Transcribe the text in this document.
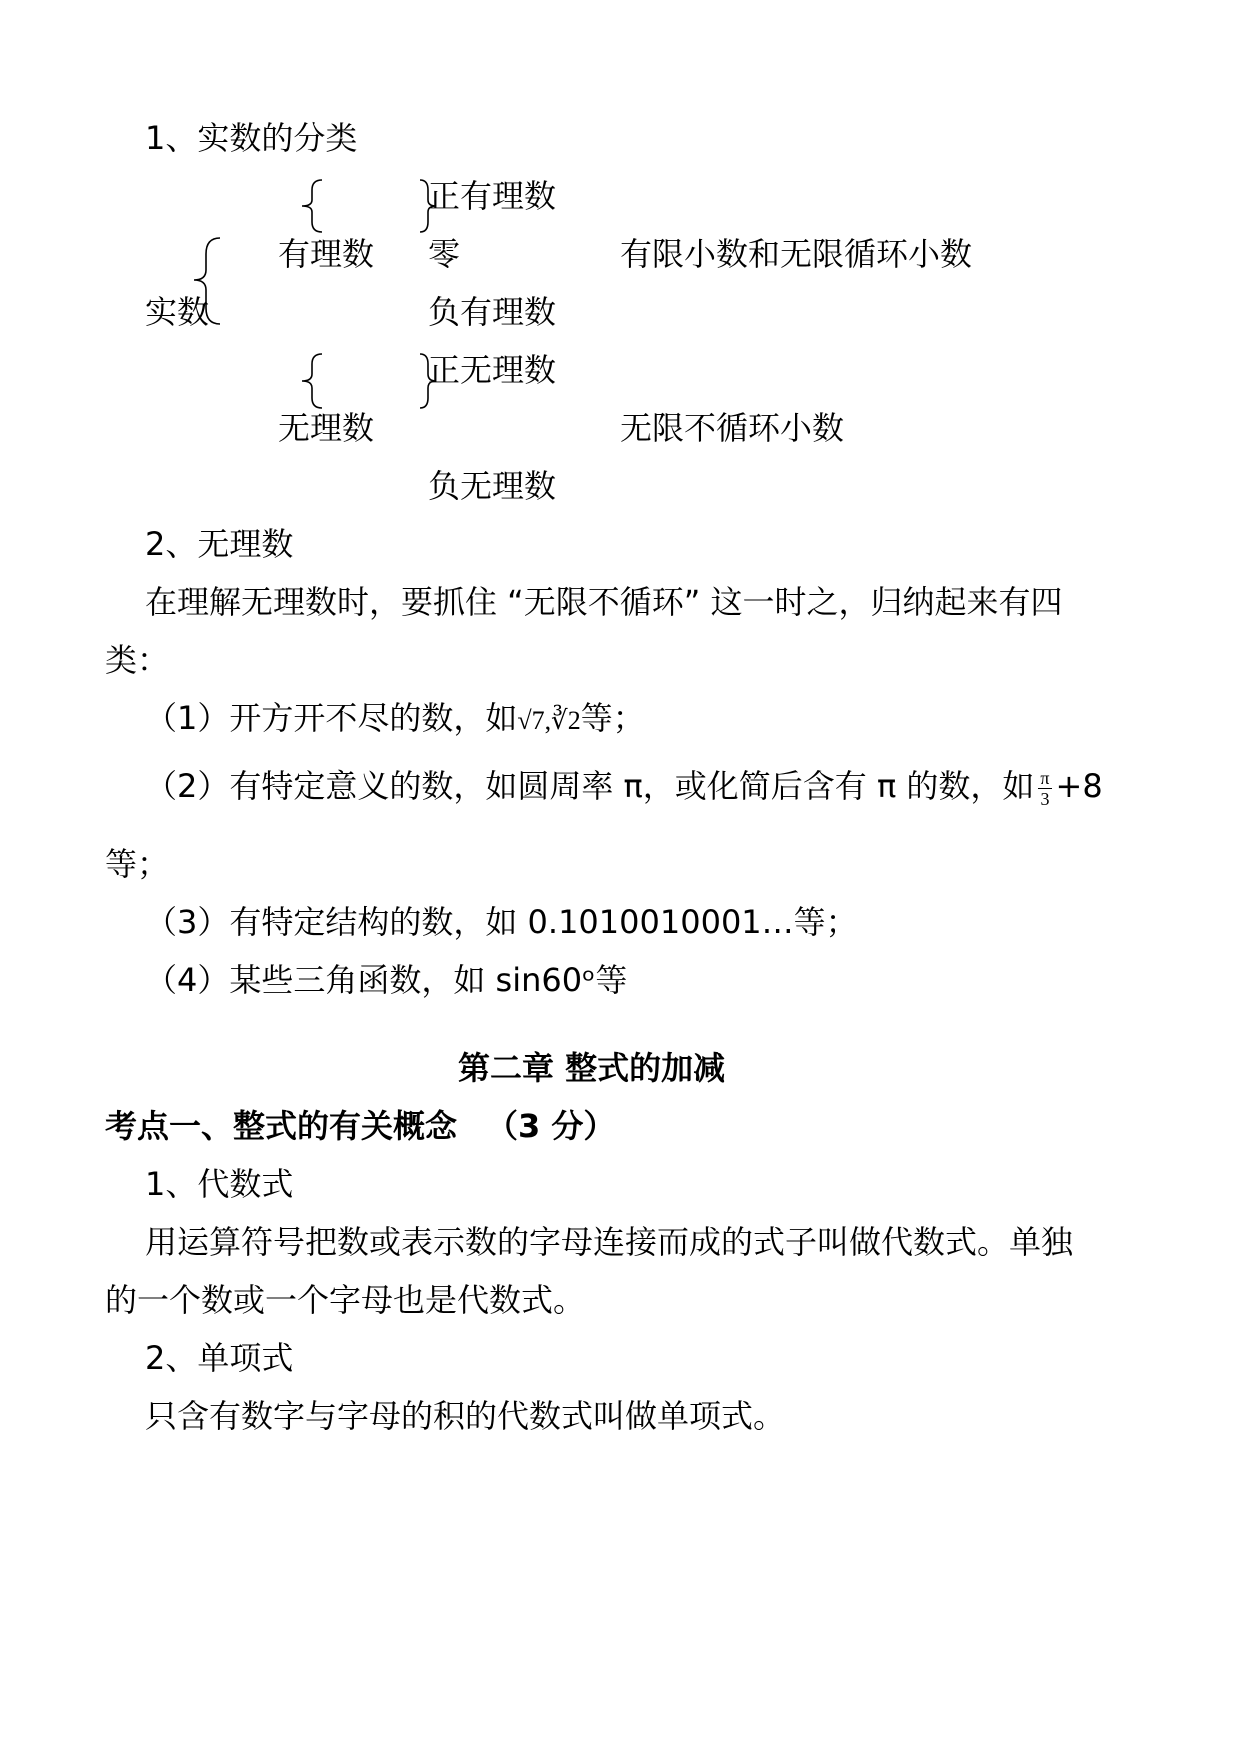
1、实数的分类
实数
有理数
正有理数
零
负有理数
有限小数和无限循环小数
无理数
正无理数
负无理数
无限不循环小数
2、无理数
在理解无理数时，要抓住 “无限不循环” 这一时之，归纳起来有四
类：
（1）开方开不尽的数，如√7,∛2等；
（2）有特定意义的数，如圆周率 π，或化简后含有 π 的数，如 $\frac{\pi}{3} +8$
等；
（3）有特定结构的数，如 0.1010010001…等；
（4）某些三角函数，如 sin60ᵒ等
第二章 整式的加减
考点一、整式的有关概念 （3 分）
1、代数式
用运算符号把数或表示数的字母连接而成的式子叫做代数式。单独
的一个数或一个字母也是代数式。
2、单项式
只含有数字与字母的积的代数式叫做单项式。
